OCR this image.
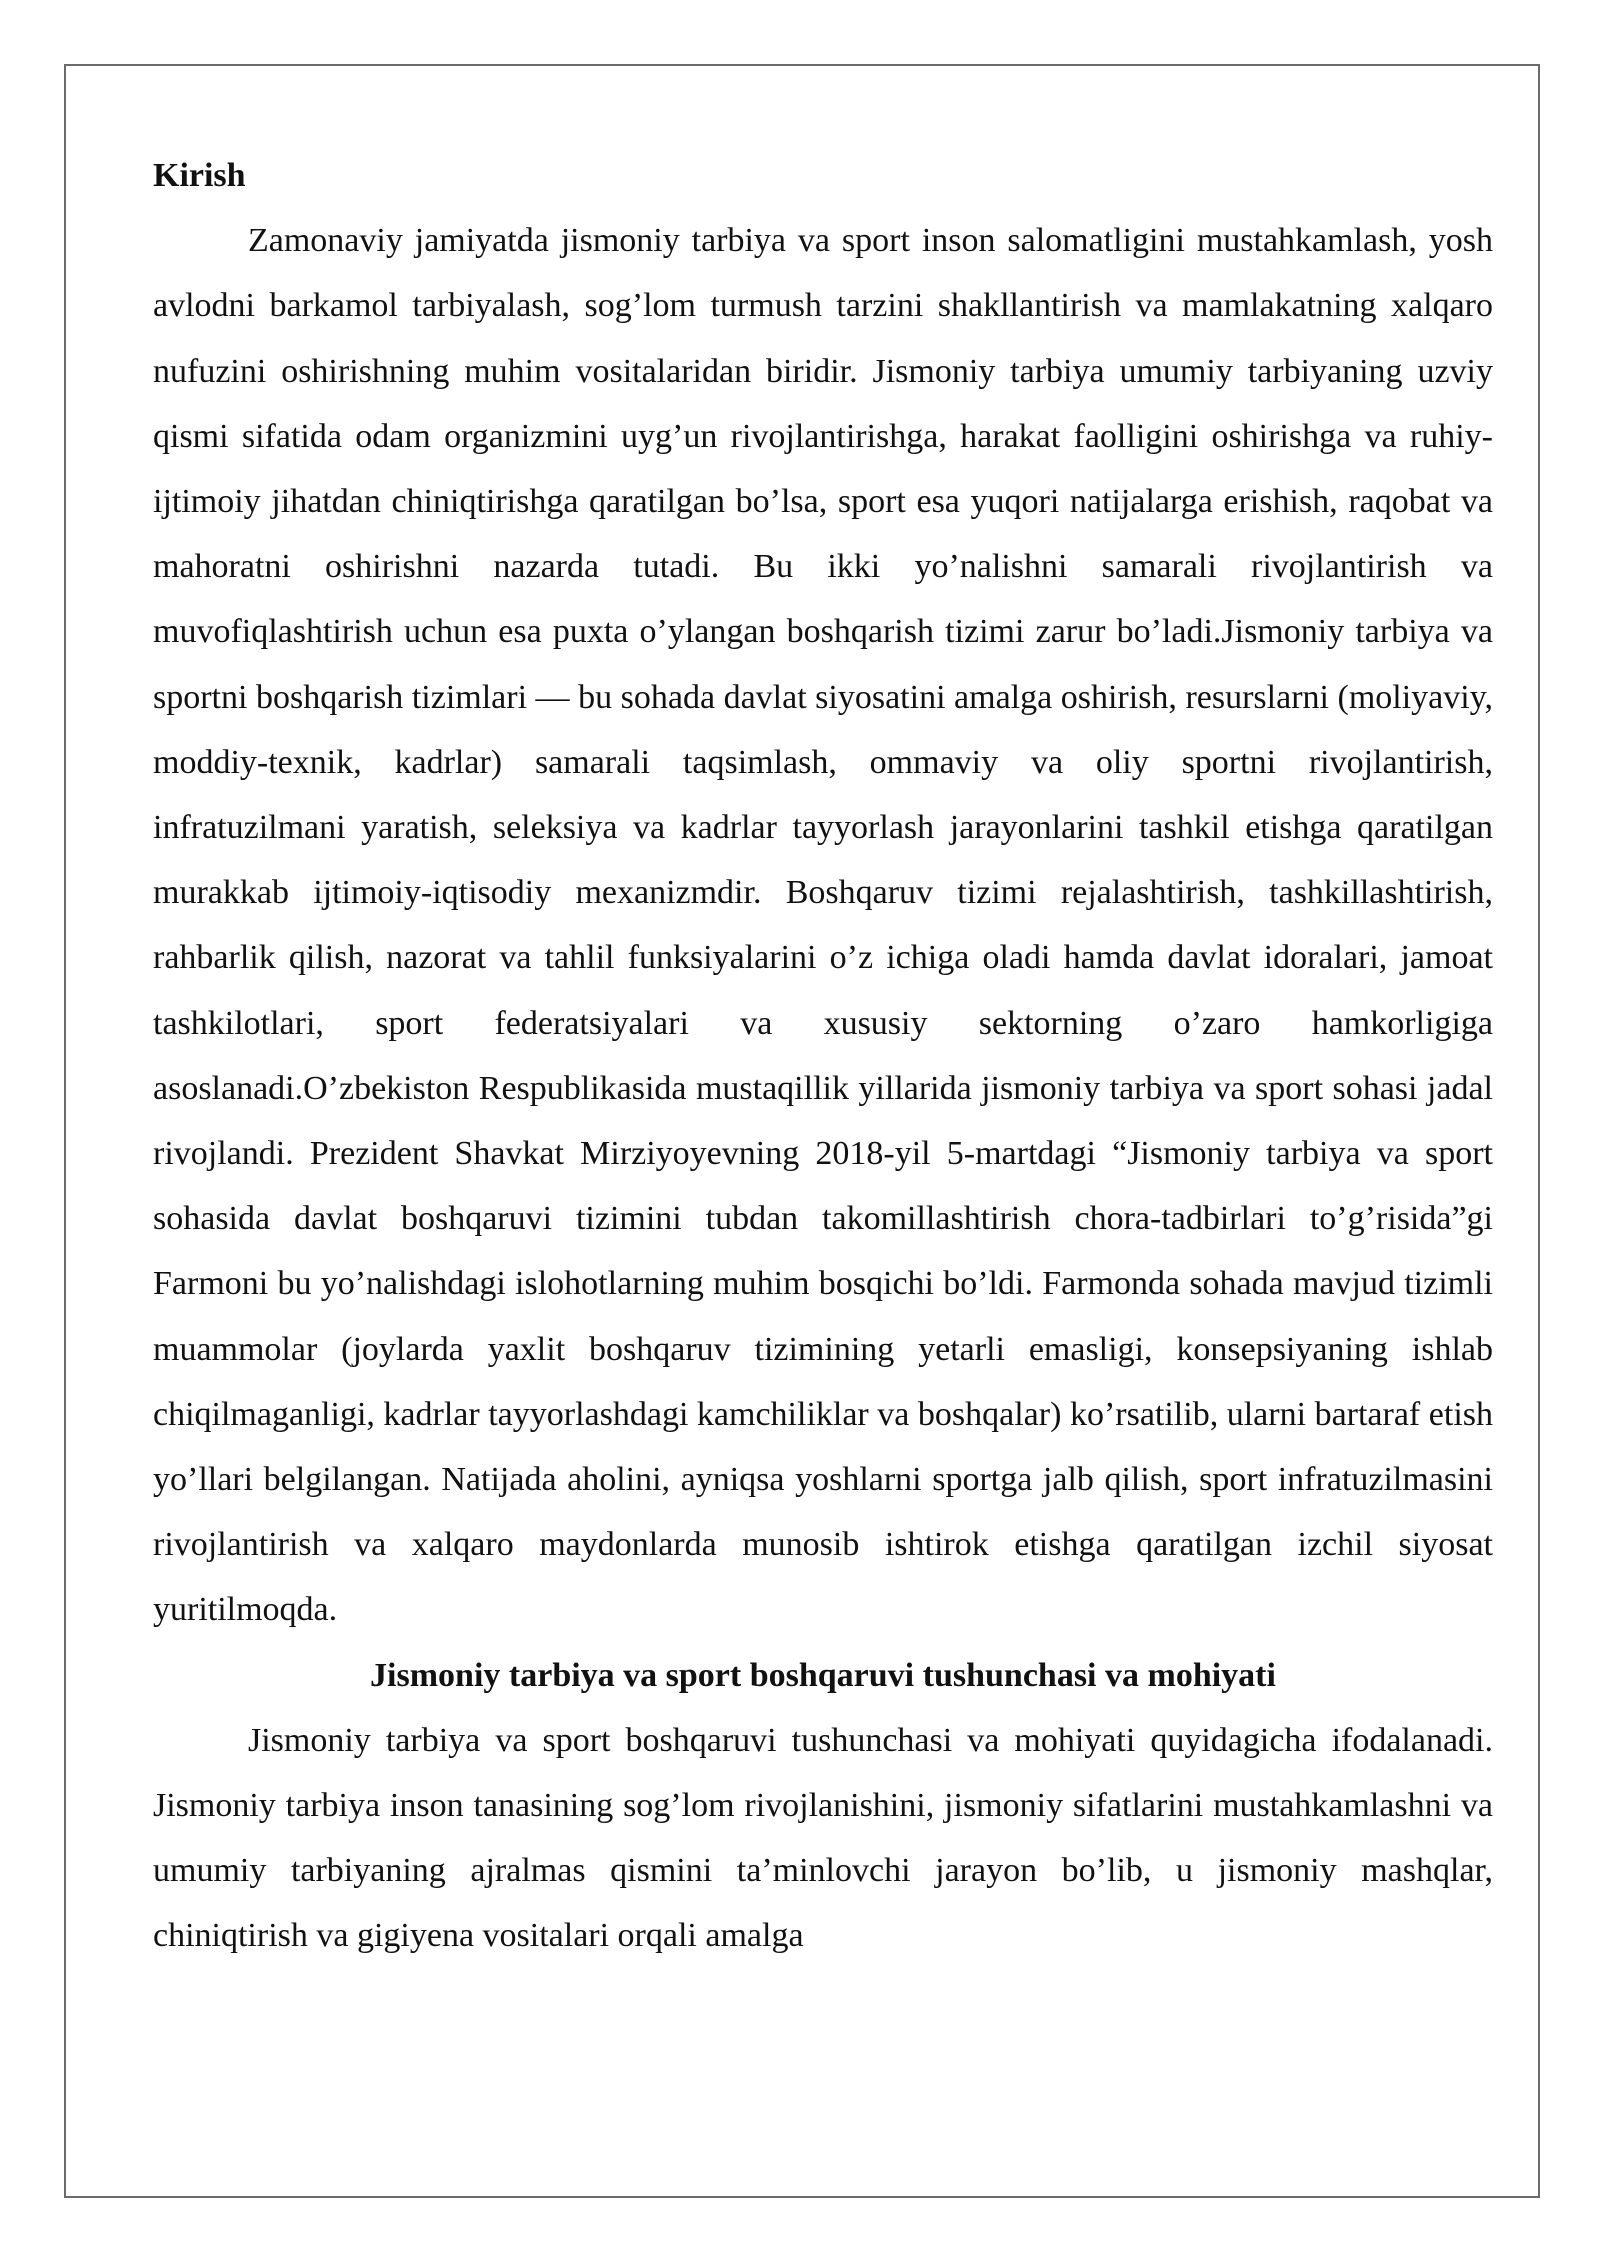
Kirish

Zamonaviy jamiyatda jismoniy tarbiya va sport inson salomatligini mustahkamlash, yosh avlodni barkamol tarbiyalash, sog’lom turmush tarzini shakllantirish va mamlakatning xalqaro nufuzini oshirishning muhim vositalaridan biridir. Jismoniy tarbiya umumiy tarbiyaning uzviy qismi sifatida odam organizmini uyg’un rivojlantirishga, harakat faolligini oshirishga va ruhiy-ijtimoiy jihatdan chiniqtirishga qaratilgan bo’lsa, sport esa yuqori natijalarga erishish, raqobat va mahoratni oshirishni nazarda tutadi. Bu ikki yo’nalishni samarali rivojlantirish va muvofiqlashtirish uchun esa puxta o’ylangan boshqarish tizimi zarur bo’ladi.Jismoniy tarbiya va sportni boshqarish tizimlari — bu sohada davlat siyosatini amalga oshirish, resurslarni (moliyaviy, moddiy-texnik, kadrlar) samarali taqsimlash, ommaviy va oliy sportni rivojlantirish, infratuzilmani yaratish, seleksiya va kadrlar tayyorlash jarayonlarini tashkil etishga qaratilgan murakkab ijtimoiy-iqtisodiy mexanizmdir. Boshqaruv tizimi rejalashtirish, tashkillashtirish, rahbarlik qilish, nazorat va tahlil funksiyalarini o’z ichiga oladi hamda davlat idoralari, jamoat tashkilotlari, sport federatsiyalari va xususiy sektorning o’zaro hamkorligiga asoslanadi.O’zbekiston Respublikasida mustaqillik yillarida jismoniy tarbiya va sport sohasi jadal rivojlandi. Prezident Shavkat Mirziyoyevning 2018-yil 5-martdagi “Jismoniy tarbiya va sport sohasida davlat boshqaruvi tizimini tubdan takomillashtirish chora-tadbirlari to’g’risida”gi Farmoni bu yo’nalishdagi islohotlarning muhim bosqichi bo’ldi. Farmonda sohada mavjud tizimli muammolar (joylarda yaxlit boshqaruv tizimining yetarli emasligi, konsepsiyaning ishlab chiqilmaganligi, kadrlar tayyorlashdagi kamchiliklar va boshqalar) ko’rsatilib, ularni bartaraf etish yo’llari belgilangan. Natijada aholini, ayniqsa yoshlarni sportga jalb qilish, sport infratuzilmasini rivojlantirish va xalqaro maydonlarda munosib ishtirok etishga qaratilgan izchil siyosat yuritilmoqda.

Jismoniy tarbiya va sport boshqaruvi tushunchasi va mohiyati

Jismoniy tarbiya va sport boshqaruvi tushunchasi va mohiyati quyidagicha ifodalanadi. Jismoniy tarbiya inson tanasining sog’lom rivojlanishini, jismoniy sifatlarini mustahkamlashni va umumiy tarbiyaning ajralmas qismini ta’minlovchi jarayon bo’lib, u jismoniy mashqlar, chiniqtirish va gigiyena vositalari orqali amalga
